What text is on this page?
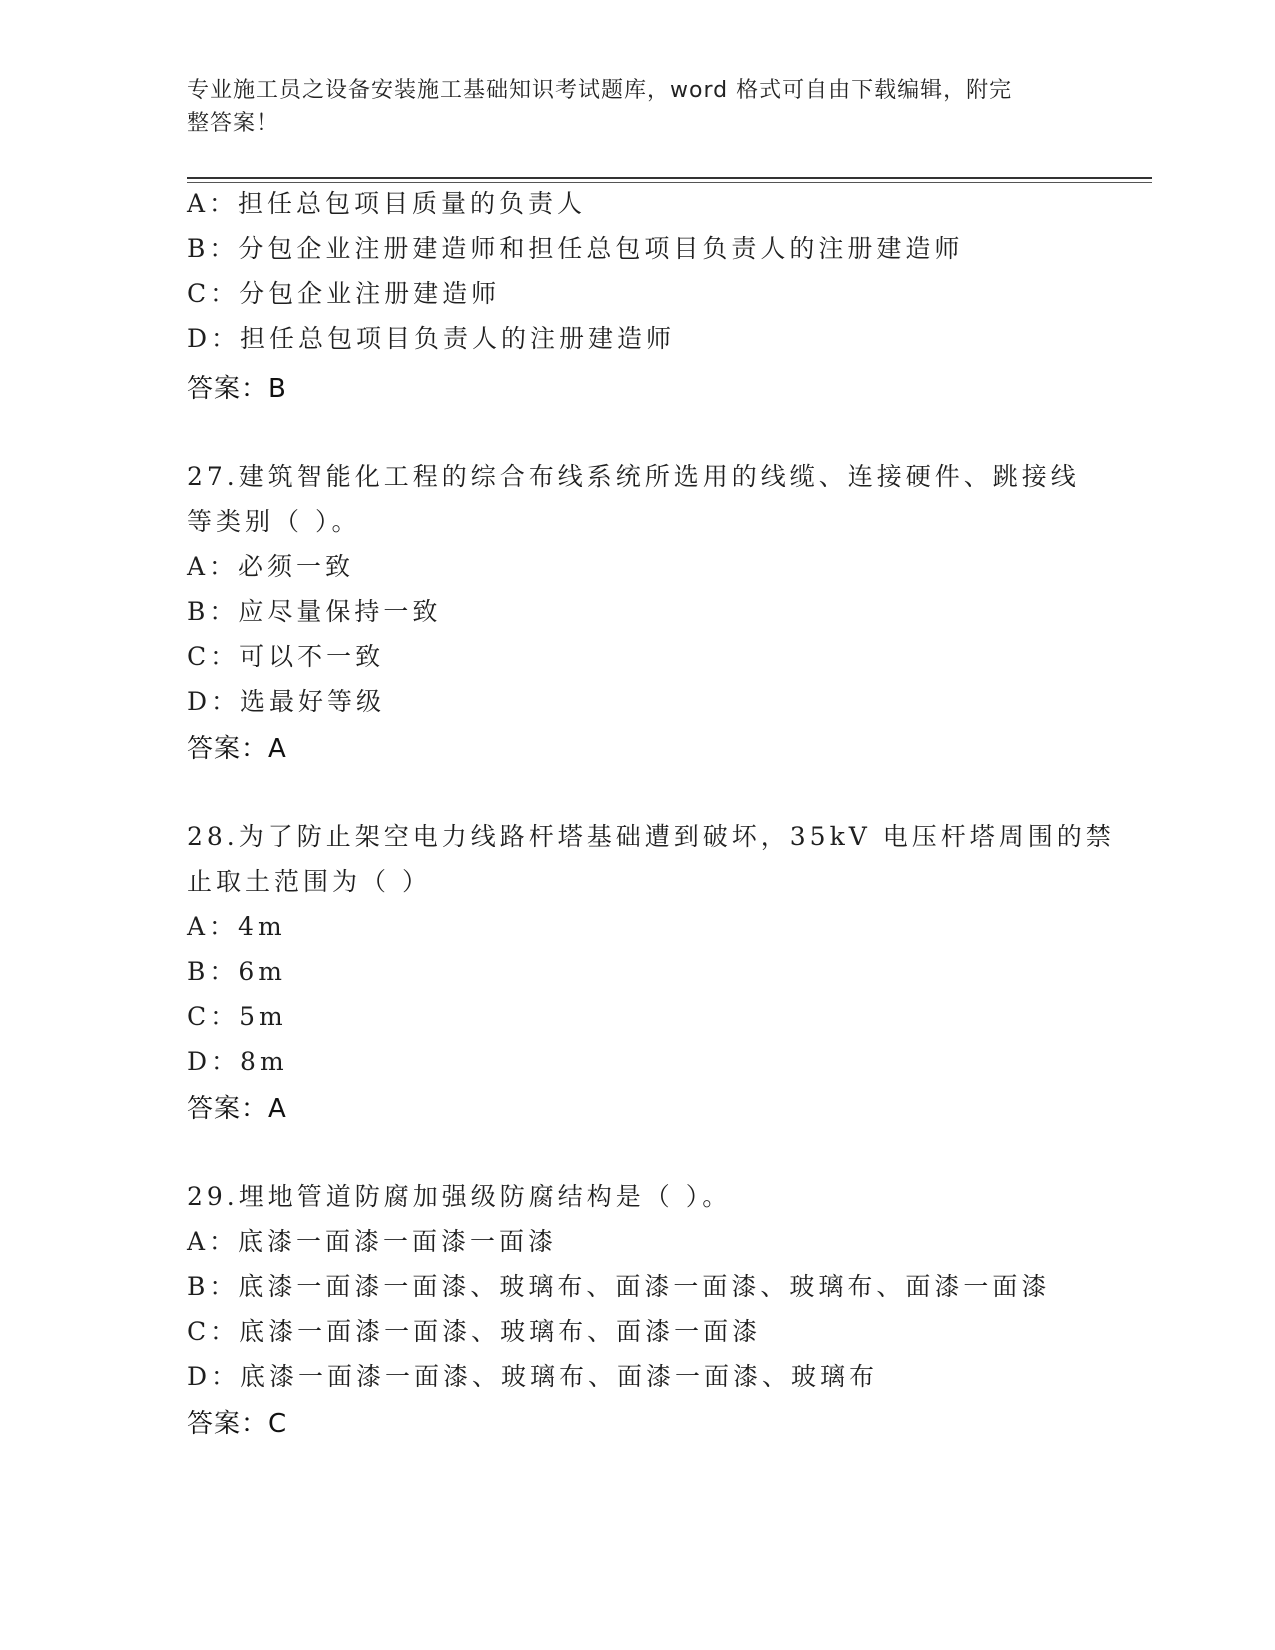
专业施工员之设备安装施工基础知识考试题库，word 格式可自由下载编辑，附完
整答案！
A：担任总包项目质量的负责人
B：分包企业注册建造师和担任总包项目负责人的注册建造师
C：分包企业注册建造师
D：担任总包项目负责人的注册建造师
答案：B
27.建筑智能化工程的综合布线系统所选用的线缆、连接硬件、跳接线
等类别（ ）。
A：必须一致
B：应尽量保持一致
C：可以不一致
D：选最好等级
答案：A
28.为了防止架空电力线路杆塔基础遭到破坏，35kV 电压杆塔周围的禁
止取土范围为（ ）
A：4m
B：6m
C：5m
D：8m
答案：A
29.埋地管道防腐加强级防腐结构是（ ）。
A：底漆一面漆一面漆一面漆
B：底漆一面漆一面漆、玻璃布、面漆一面漆、玻璃布、面漆一面漆
C：底漆一面漆一面漆、玻璃布、面漆一面漆
D：底漆一面漆一面漆、玻璃布、面漆一面漆、玻璃布
答案：C
